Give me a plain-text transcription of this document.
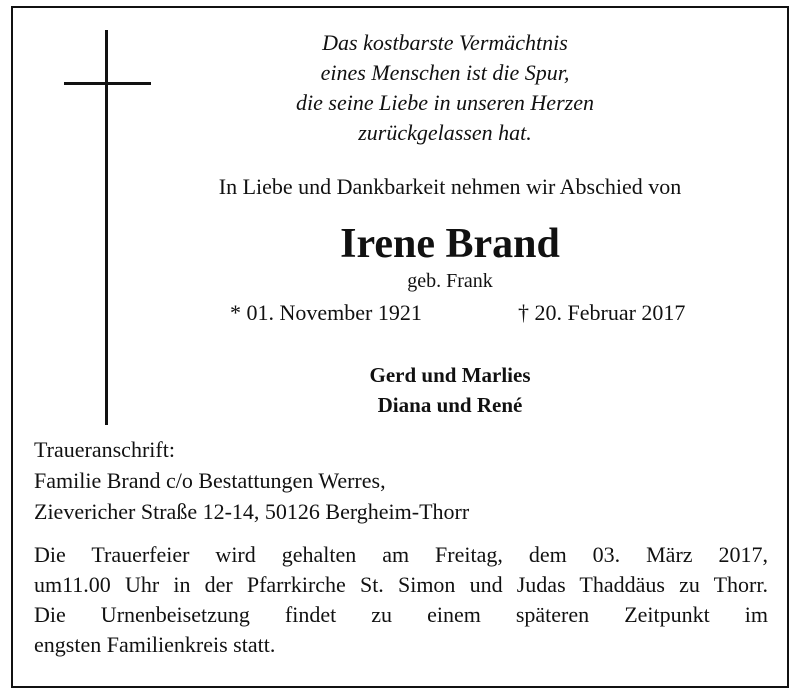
Das kostbarste Vermächtnis
eines Menschen ist die Spur,
die seine Liebe in unseren Herzen
zurückgelassen hat.
In Liebe und Dankbarkeit nehmen wir Abschied von
Irene Brand
geb. Frank
* 01. November 1921	† 20. Februar 2017
Gerd und Marlies
Diana und René
Traueranschrift:
Familie Brand c/o Bestattungen Werres,
Zieverich​er Straße 12-14, 50126 Bergheim-Thorr
Die Trauerfeier wird gehalten am Freitag, dem 03. März 2017,
um11.00 Uhr in der Pfarrkirche St. Simon und Judas Thaddäus zu Thorr.
Die Urnenbeisetzung findet zu einem späteren Zeitpunkt im
engsten Familienkreis statt.
